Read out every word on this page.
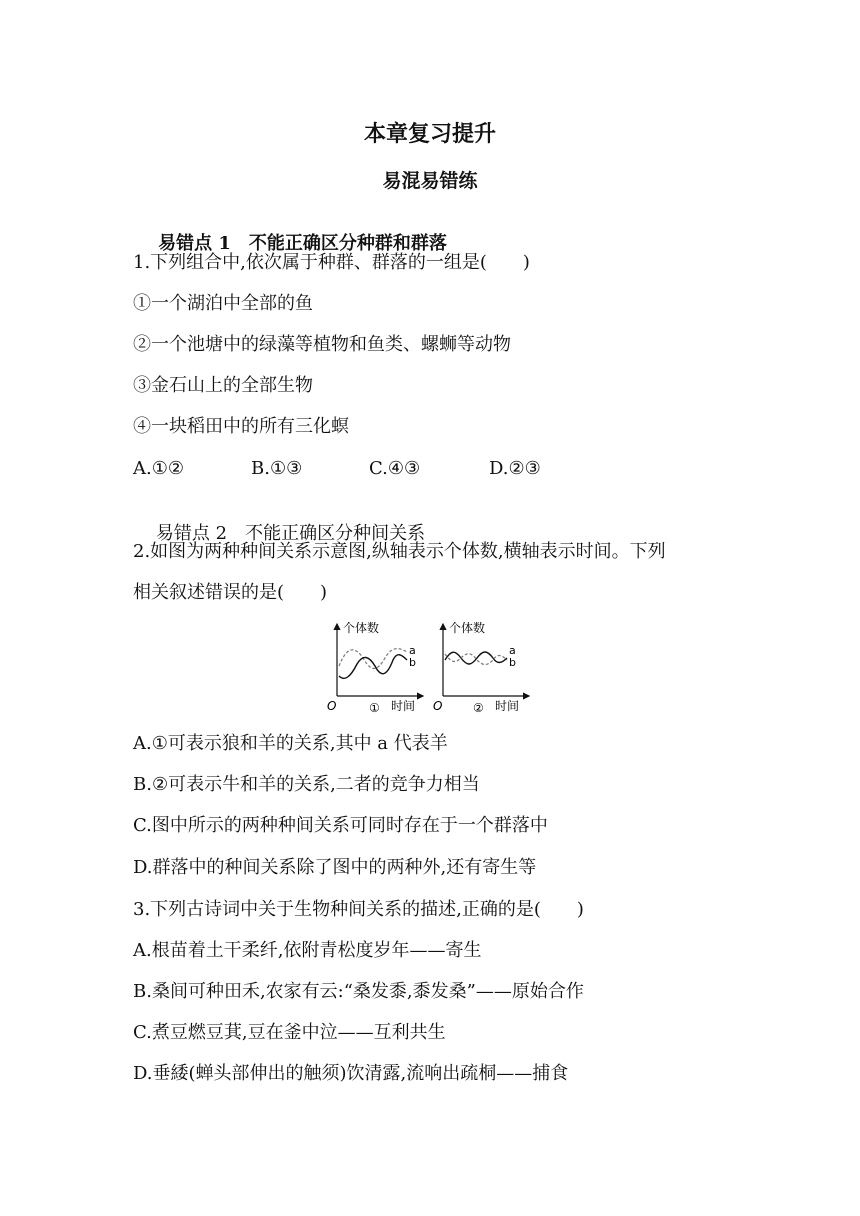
本章复习提升
易混易错练

易错点 1　 不能正确区分种群和群落

1.下列组合中,依次属于种群、群落的一组是(　　)
①一个湖泊中全部的鱼
②一个池塘中的绿藻等植物和鱼类、螺蛳等动物
③金石山上的全部生物
④一块稻田中的所有三化螟

A.①②

	B.①③

	C.④③

	D.②③

易错点 2　 不能正确区分种间关系

2.如图为两种种间关系示意图,纵轴表示个体数,横轴表示时间。下列
相关叙述错误的是(　　)
个体数
O	① 时间
a
b
个体数
O	② 时间
a
b
A.①可表示狼和羊的关系,其中 a 代表羊
B.②可表示牛和羊的关系,二者的竞争力相当
C.图中所示的两种种间关系可同时存在于一个群落中
D.群落中的种间关系除了图中的两种外,还有寄生等
3.下列古诗词中关于生物种间关系的描述,正确的是(　　)
A.根苗着土干柔纤,依附青松度岁年——寄生
B.桑间可种田禾,农家有云:“桑发黍,黍发桑”——原始合作
C.煮豆燃豆萁,豆在釜中泣——互利共生
D.垂緌(蝉头部伸出的触须)饮清露,流响出疏桐——捕食
